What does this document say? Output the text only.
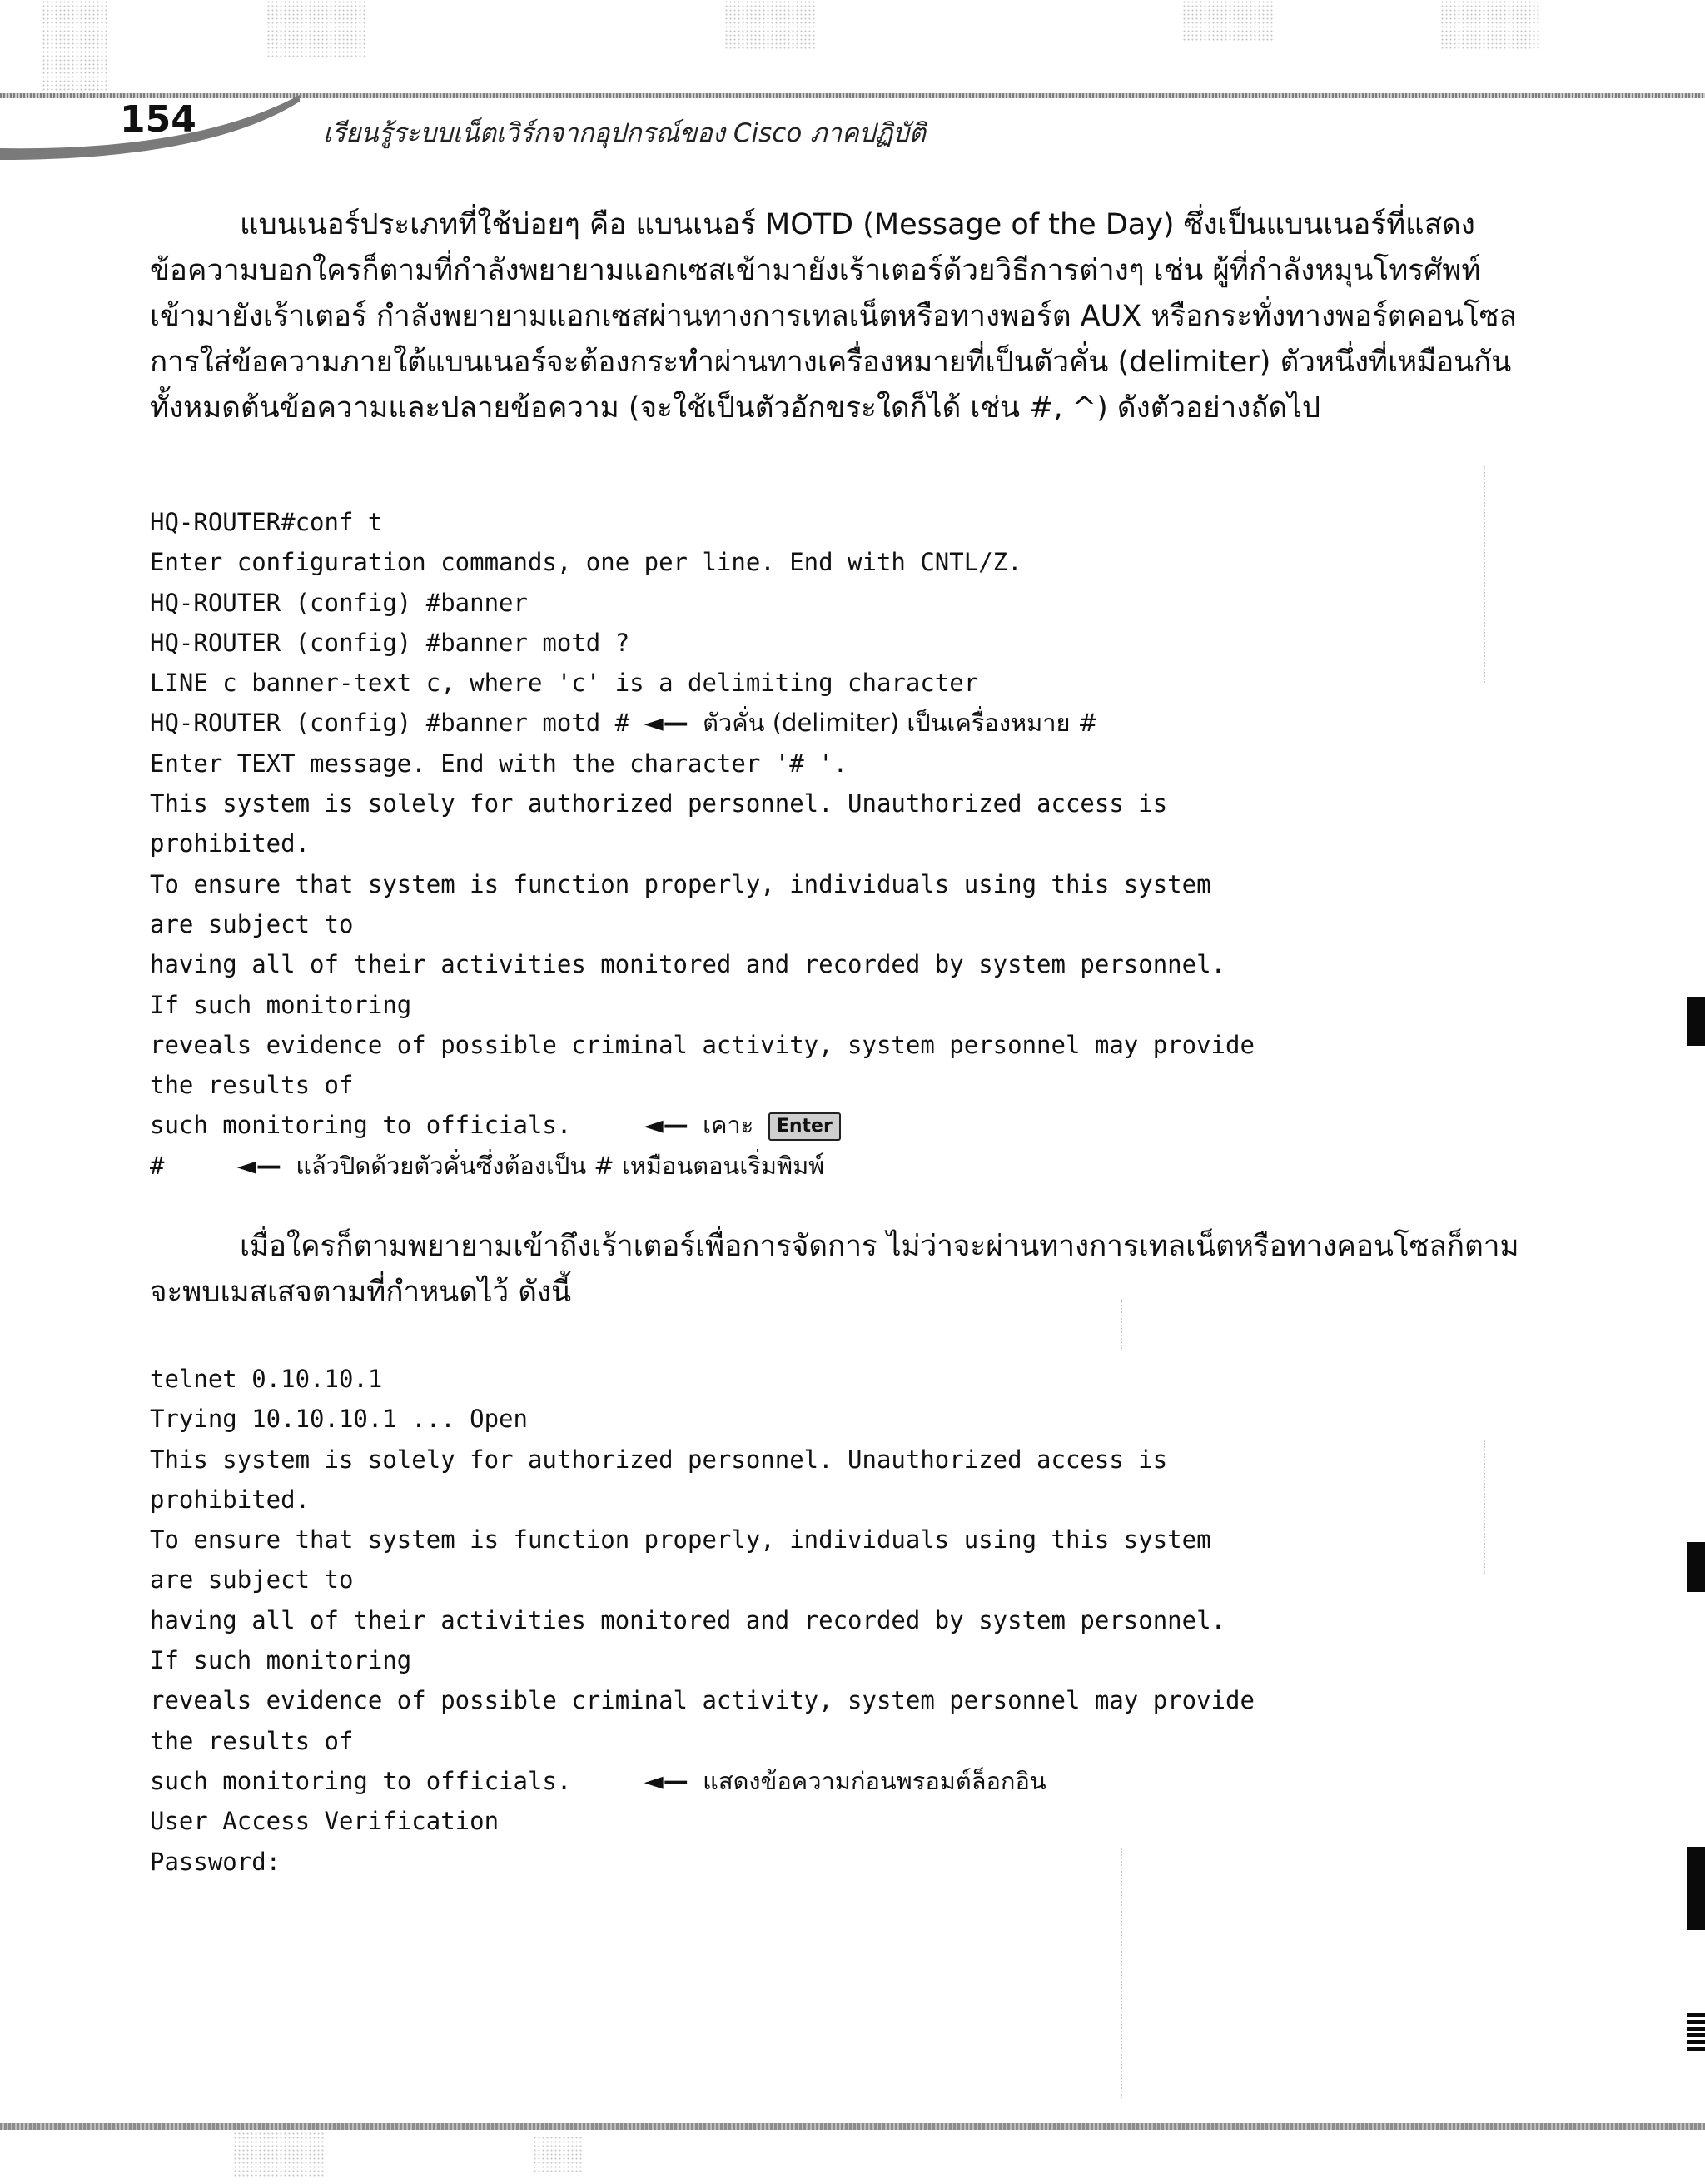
154	เรียนรู้ระบบเน็ตเวิร์กจากอุปกรณ์ของ Cisco ภาคปฏิบัติ
แบนเนอร์ประเภทที่ใช้บ่อยๆ คือ แบนเนอร์ MOTD (Message of the Day) ซึ่งเป็นแบนเนอร์ที่แสดง
ข้อความบอกใครก็ตามที่กำลังพยายามแอกเซสเข้ามายังเร้าเตอร์ด้วยวิธีการต่างๆ เช่น ผู้ที่กำลังหมุนโทรศัพท์
เข้ามายังเร้าเตอร์ กำลังพยายามแอกเซสผ่านทางการเทลเน็ตหรือทางพอร์ต AUX หรือกระทั่งทางพอร์ตคอนโซล
การใส่ข้อความภายใต้แบนเนอร์จะต้องกระทำผ่านทางเครื่องหมายที่เป็นตัวคั่น (delimiter) ตัวหนึ่งที่เหมือนกัน
ทั้งหมดต้นข้อความและปลายข้อความ (จะใช้เป็นตัวอักขระใดก็ได้ เช่น #, ^) ดังตัวอย่างถัดไป
HQ-ROUTER#conf t
Enter configuration commands, one per line. End with CNTL/Z.
HQ-ROUTER (config) #banner
HQ-ROUTER (config) #banner motd ?
LINE c banner-text c, where 'c' is a delimiting character
HQ-ROUTER (config) #banner motd # ◄— ตัวคั่น (delimiter) เป็นเครื่องหมาย #
Enter TEXT message. End with the character '# '.
This system is solely for authorized personnel. Unauthorized access is
prohibited.
To ensure that system is function properly, individuals using this system
are subject to
having all of their activities monitored and recorded by system personnel.
If such monitoring
reveals evidence of possible criminal activity, system personnel may provide
the results of
such monitoring to officials.     ◄— เคาะ Enter
#     ◄— แล้วปิดด้วยตัวคั่นซึ่งต้องเป็น # เหมือนตอนเริ่มพิมพ์
เมื่อใครก็ตามพยายามเข้าถึงเร้าเตอร์เพื่อการจัดการ ไม่ว่าจะผ่านทางการเทลเน็ตหรือทางคอนโซลก็ตาม
จะพบเมสเสจตามที่กำหนดไว้ ดังนี้
telnet 0.10.10.1
Trying 10.10.10.1 ... Open
This system is solely for authorized personnel. Unauthorized access is
prohibited.
To ensure that system is function properly, individuals using this system
are subject to
having all of their activities monitored and recorded by system personnel.
If such monitoring
reveals evidence of possible criminal activity, system personnel may provide
the results of
such monitoring to officials.     ◄— แสดงข้อความก่อนพรอมต์ล็อกอิน
User Access Verification
Password:
